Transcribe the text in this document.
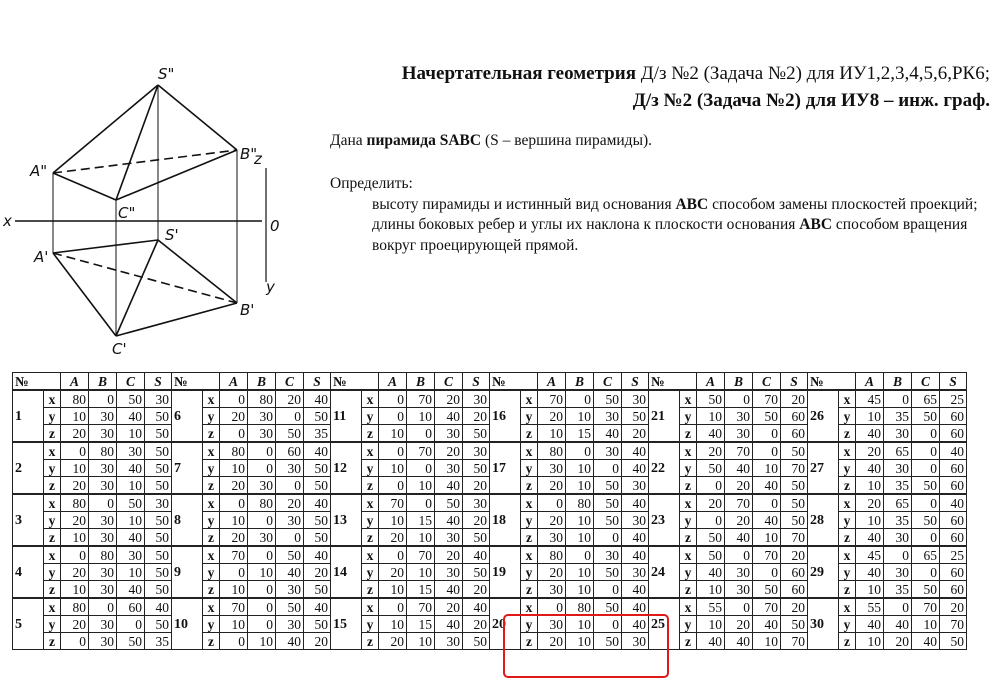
S"
A"
B"
C"
S'
A'
B'
C'
x
z
0
y
Начертательная геометрия Д/з №2 (Задача №2) для ИУ1,2,3,4,5,6,РК6;
Д/з №2 (Задача №2) для ИУ8 – инж. граф.
Дана пирамида SABC (S – вершина пирамиды).
Определить:
высоту пирамиды и истинный вид основания ABC способом замены плоскостей проекций;
длины боковых ребер и углы их наклона к плоскости основания ABC способом вращения вокруг проецирующей прямой.
№		A	B	C	S	№		A	B	C	S	№		A	B	C	S	№		A	B	C	S	№		A	B	C	S	№		A	B	C	S
1	x	80	0	50	30	6	x	0	80	20	40	11	x	0	70	20	30	16	x	70	0	50	30	21	x	50	0	70	20	26	x	45	0	65	25
	y	10	30	40	50		y	20	30	0	50		y	0	10	40	20		y	20	10	30	50		y	10	30	50	60		y	10	35	50	60
	z	20	30	10	50		z	0	30	50	35		z	10	0	30	50		z	10	15	40	20		z	40	30	0	60		z	40	30	0	60
2	x	0	80	30	50	7	x	80	0	60	40	12	x	0	70	20	30	17	x	80	0	30	40	22	x	20	70	0	50	27	x	20	65	0	40
	y	10	30	40	50		y	10	0	30	50		y	10	0	30	50		y	30	10	0	40		y	50	40	10	70		y	40	30	0	60
	z	20	30	10	50		z	20	30	0	50		z	0	10	40	20		z	20	10	50	30		z	0	20	40	50		z	10	35	50	60
3	x	80	0	50	30	8	x	0	80	20	40	13	x	70	0	50	30	18	x	0	80	50	40	23	x	20	70	0	50	28	x	20	65	0	40
	y	20	30	10	50		y	10	0	30	50		y	10	15	40	20		y	20	10	50	30		y	0	20	40	50		y	10	35	50	60
	z	10	30	40	50		z	20	30	0	50		z	20	10	30	50		z	30	10	0	40		z	50	40	10	70		z	40	30	0	60
4	x	0	80	30	50	9	x	70	0	50	40	14	x	0	70	20	40	19	x	80	0	30	40	24	x	50	0	70	20	29	x	45	0	65	25
	y	20	30	10	50		y	0	10	40	20		y	20	10	30	50		y	20	10	50	30		y	40	30	0	60		y	40	30	0	60
	z	10	30	40	50		z	10	0	30	50		z	10	15	40	20		z	30	10	0	40		z	10	30	50	60		z	10	35	50	60
5	x	80	0	60	40	10	x	70	0	50	40	15	x	0	70	20	40	20	x	0	80	50	40	25	x	55	0	70	20	30	x	55	0	70	20
	y	20	30	0	50		y	10	0	30	50		y	10	15	40	20		y	30	10	0	40		y	10	20	40	50		y	40	40	10	70
	z	0	30	50	35		z	0	10	40	20		z	20	10	30	50		z	20	10	50	30		z	40	40	10	70		z	10	20	40	50
